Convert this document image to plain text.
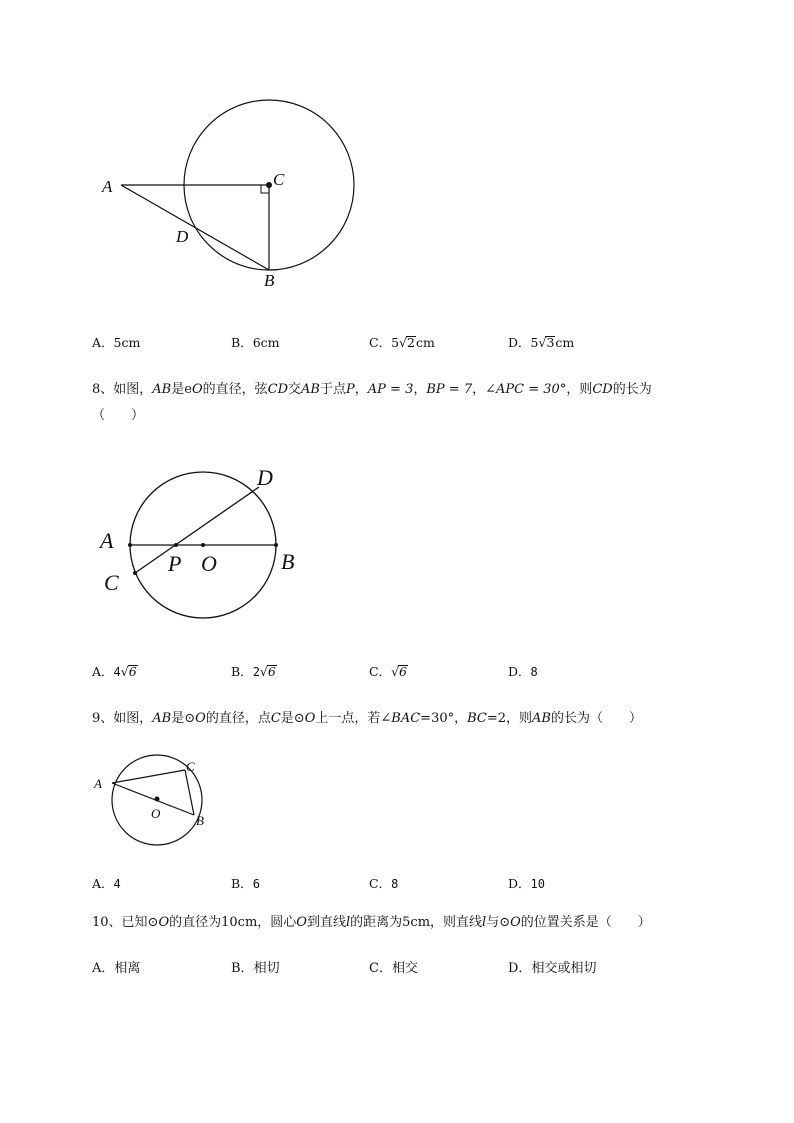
A	C
D
B
A．5cm	B．6cm	C．5√2cm	D．5√3cm
8、如图，AB是eO的直径，弦CD交AB于点P，AP = 3，BP = 7，∠APC = 30°，则CD的长为
（　　）
A
B
C
D
P O
A．4√6	B．2√6	C．√6	D．8
9、如图，AB是⊙O的直径，点C是⊙O上一点，若∠BAC=30°，BC=2，则AB的长为（　　）
A
C
O	B
A．4	B．6	C．8	D．10
10、已知⊙O的直径为10cm，圆心O到直线l的距离为5cm，则直线l与⊙O的位置关系是（　　）
A．相离	B．相切	C．相交	D．相交或相切
